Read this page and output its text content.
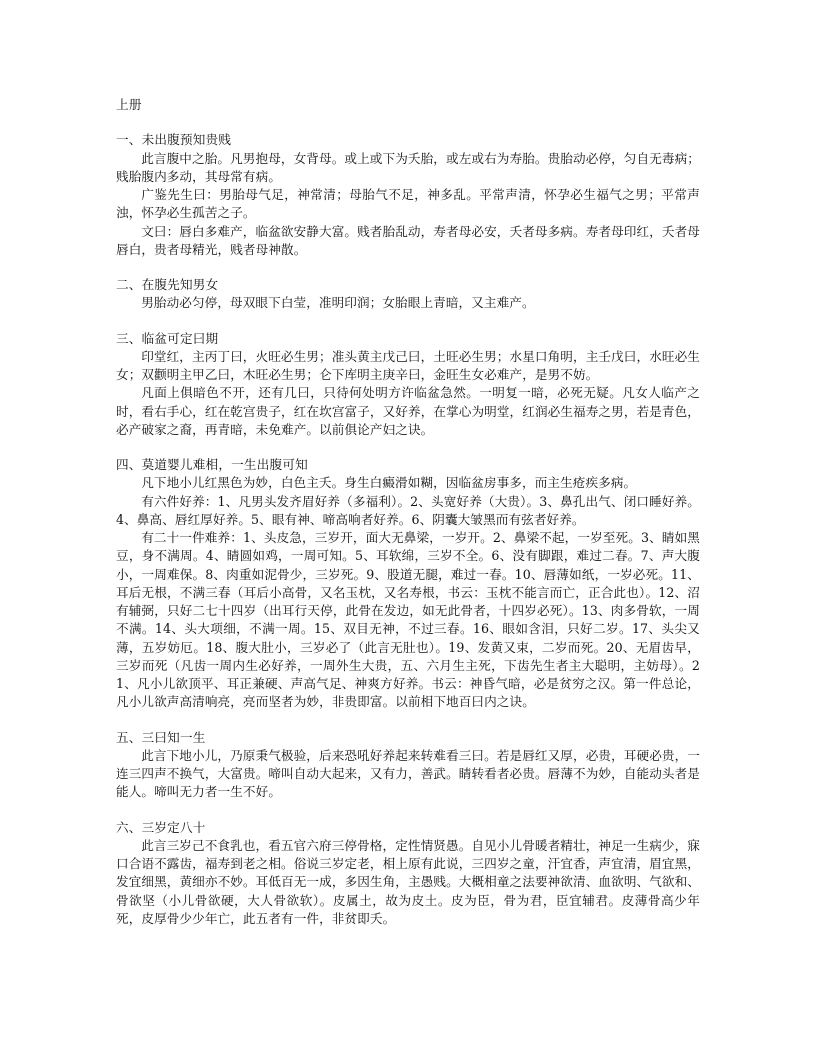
上册

一、未出腹预知贵贱

此言腹中之胎。凡男抱母，女背母。或上或下为夭胎，或左或右为寿胎。贵胎动必停，匀自无毒病；贱胎腹内多动，其母常有病。

广鉴先生曰：男胎母气足，神常清；母胎气不足，神多乱。平常声清，怀孕必生福气之男；平常声浊，怀孕必生孤苦之子。

文曰：唇白多难产，临盆欲安静大富。贱者胎乱动，寿者母必安，夭者母多病。寿者母印红，夭者母唇白，贵者母精光，贱者母神散。

二、在腹先知男女

男胎动必匀停，母双眼下白莹，准明印润；女胎眼上青暗，又主难产。

三、临盆可定曰期

印堂红，主丙丁曰，火旺必生男；准头黄主戊己曰，土旺必生男；水星口角明，主壬戊曰，水旺必生女；双颧明主甲乙曰，木旺必生男；仑下库明主庚辛曰，金旺生女必难产，是男不妨。

凡面上俱暗色不开，还有几曰，只待何处明方许临盆急然。一明复一暗，必死无疑。凡女人临产之时，看右手心，红在乾宫贵子，红在坎宫富子，又好养，在掌心为明堂，红润必生福寿之男，若是青色，必产破家之裔，再青暗，未免难产。以前俱论产妇之诀。

四、莫道婴儿难相，一生出腹可知

凡下地小儿红黑色为妙，白色主夭。身生白癜滑如糊，因临盆房事多，而主生疮疾多病。

有六件好养：1、凡男头发齐眉好养（多福利）。2、头宽好养（大贵）。3、鼻孔出气、闭口睡好养。4、鼻高、唇红厚好养。5、眼有神、啼高响者好养。6、阴囊大皱黑而有弦者好养。

有二十一件难养：1、头皮急，三岁开，面大无鼻梁，一岁开。2、鼻梁不起，一岁至死。3、睛如黑豆，身不满周。4、睛圆如鸡，一周可知。5、耳软绵，三岁不全。6、没有脚跟，难过二春。7、声大腹小，一周难保。8、肉重如泥骨少，三岁死。9、股道无腿，难过一春。10、唇薄如纸，一岁必死。11、耳后无根，不满三春（耳后小高骨，又名玉枕，又名寿根，书云：玉枕不能言而亡，正合此也）。12、沼有辅弼，只好二七十四岁（出耳行天停，此骨在发边，如无此骨者，十四岁必死）。13、肉多骨软，一周不满。14、头大项细，不满一周。15、双目无神，不过三春。16、眼如含泪，只好二岁。17、头尖又薄，五岁妨厄。18、腹大肚小，三岁必了（此言无肚也）。19、发黄又束，二岁而死。20、无眉齿早，三岁而死（凡齿一周内生必好养，一周外生大贵，五、六月生主死，下齿先生者主大聪明，主妨母）。21、凡小儿欲顶平、耳正兼硬、声高气足、神爽方好养。书云：神昏气暗，必是贫穷之汉。第一件总论，凡小儿欲声高清响亮，亮而坚者为妙，非贵即富。以前相下地百曰内之诀。

五、三曰知一生

此言下地小儿，乃原秉气极验，后来恐吼好养起来转难看三曰。若是唇红又厚，必贵，耳硬必贵，一连三四声不换气，大富贵。啼叫自动大起来，又有力，善武。睛转看者必贵。唇薄不为妙，自能动头者是能人。啼叫无力者一生不好。

六、三岁定八十

此言三岁己不食乳也，看五官六府三停骨格，定性情贤愚。自见小儿骨暖者精壮，神足一生病少，寐口合语不露齿，福寿到老之相。俗说三岁定老，相上原有此说，三四岁之童，汗宜香，声宜清，眉宜黑，发宜细黑，黄细亦不妙。耳低百无一成，多因生角，主愚贱。大概相童之法要神欲清、血欲明、气欲和、骨欲坚（小儿骨欲硬，大人骨欲软）。皮属土，故为皮土。皮为臣，骨为君，臣宜辅君。皮薄骨高少年死，皮厚骨少少年亡，此五者有一件，非贫即夭。
